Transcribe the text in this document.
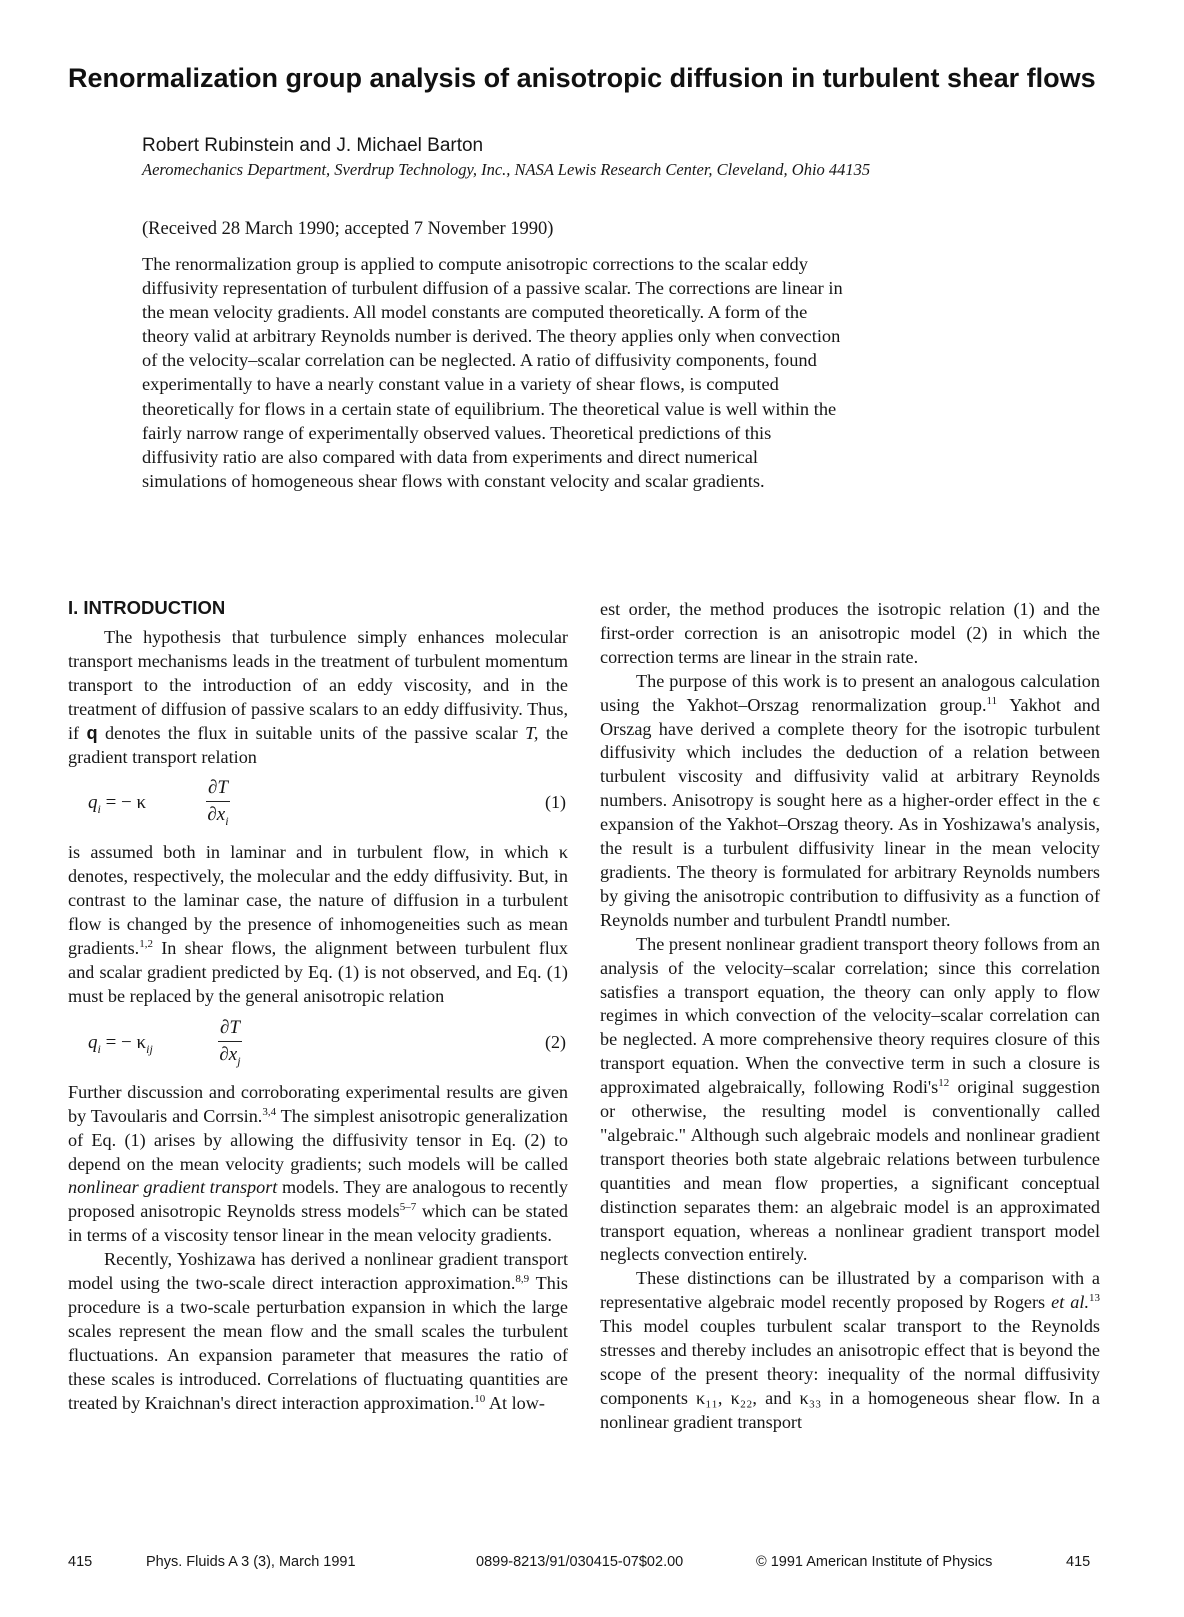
Renormalization group analysis of anisotropic diffusion in turbulent shear flows
Robert Rubinstein and J. Michael Barton
Aeromechanics Department, Sverdrup Technology, Inc., NASA Lewis Research Center, Cleveland, Ohio 44135
(Received 28 March 1990; accepted 7 November 1990)
The renormalization group is applied to compute anisotropic corrections to the scalar eddy
diffusivity representation of turbulent diffusion of a passive scalar. The corrections are linear in
the mean velocity gradients. All model constants are computed theoretically. A form of the
theory valid at arbitrary Reynolds number is derived. The theory applies only when convection
of the velocity–scalar correlation can be neglected. A ratio of diffusivity components, found
experimentally to have a nearly constant value in a variety of shear flows, is computed
theoretically for flows in a certain state of equilibrium. The theoretical value is well within the
fairly narrow range of experimentally observed values. Theoretical predictions of this
diffusivity ratio are also compared with data from experiments and direct numerical
simulations of homogeneous shear flows with constant velocity and scalar gradients.
I. INTRODUCTION

The hypothesis that turbulence simply enhances molecular transport mechanisms leads in the treatment of turbulent momentum transport to the introduction of an eddy viscosity, and in the treatment of diffusion of passive scalars to an eddy diffusivity. Thus, if q denotes the flux in suitable units of the passive scalar T, the gradient transport relation

$q_i$ = − κ	$\frac{\partial T}{\partial x_i}$	(1)

is assumed both in laminar and in turbulent flow, in which κ denotes, respectively, the molecular and the eddy diffusivity. But, in contrast to the laminar case, the nature of diffusion in a turbulent flow is changed by the presence of inhomogeneities such as mean gradients.$^{1,2}$ In shear flows, the alignment between turbulent flux and scalar gradient predicted by Eq. (1) is not observed, and Eq. (1) must be replaced by the general anisotropic relation

$q_i$ = − $\kappa_{ij}$	$\frac{\partial T}{\partial x_j}$	(2)

Further discussion and corroborating experimental results are given by Tavoularis and Corrsin.$^{3,4}$ The simplest anisotropic generalization of Eq. (1) arises by allowing the diffusivity tensor in Eq. (2) to depend on the mean velocity gradients; such models will be called nonlinear gradient transport models. They are analogous to recently proposed anisotropic Reynolds stress models$^{5-7}$ which can be stated in terms of a viscosity tensor linear in the mean velocity gradients.

Recently, Yoshizawa has derived a nonlinear gradient transport model using the two-scale direct interaction approximation.$^{8,9}$ This procedure is a two-scale perturbation expansion in which the large scales represent the mean flow and the small scales the turbulent fluctuations. An expansion parameter that measures the ratio of these scales is introduced. Correlations of fluctuating quantities are treated by Kraichnan's direct interaction approximation.$^{10}$ At low-

est order, the method produces the isotropic relation (1) and the first-order correction is an anisotropic model (2) in which the correction terms are linear in the strain rate.

The purpose of this work is to present an analogous calculation using the Yakhot–Orszag renormalization group.$^{11}$ Yakhot and Orszag have derived a complete theory for the isotropic turbulent diffusivity which includes the deduction of a relation between turbulent viscosity and diffusivity valid at arbitrary Reynolds numbers. Anisotropy is sought here as a higher-order effect in the ϵ expansion of the Yakhot–Orszag theory. As in Yoshizawa's analysis, the result is a turbulent diffusivity linear in the mean velocity gradients. The theory is formulated for arbitrary Reynolds numbers by giving the anisotropic contribution to diffusivity as a function of Reynolds number and turbulent Prandtl number.

The present nonlinear gradient transport theory follows from an analysis of the velocity–scalar correlation; since this correlation satisfies a transport equation, the theory can only apply to flow regimes in which convection of the velocity–scalar correlation can be neglected. A more comprehensive theory requires closure of this transport equation. When the convective term in such a closure is approximated algebraically, following $Rodi's^{12}$ original suggestion or otherwise, the resulting model is conventionally called "algebraic." Although such algebraic models and nonlinear gradient transport theories both state algebraic relations between turbulence quantities and mean flow properties, a significant conceptual distinction separates them: an algebraic model is an approximated transport equation, whereas a nonlinear gradient transport model neglects convection entirely.

These distinctions can be illustrated by a comparison with a representative algebraic model recently proposed by Rogers et al.$^{13}$ This model couples turbulent scalar transport to the Reynolds stresses and thereby includes an anisotropic effect that is beyond the scope of the present theory: inequality of the normal diffusivity components κ₁₁, κ₂₂, and κ₃₃ in a homogeneous shear flow. In a nonlinear gradient transport

415	Phys. Fluids A 3 (3), March 1991	0899-8213/91/030415-07$02.00	© 1991 American Institute of Physics	415
